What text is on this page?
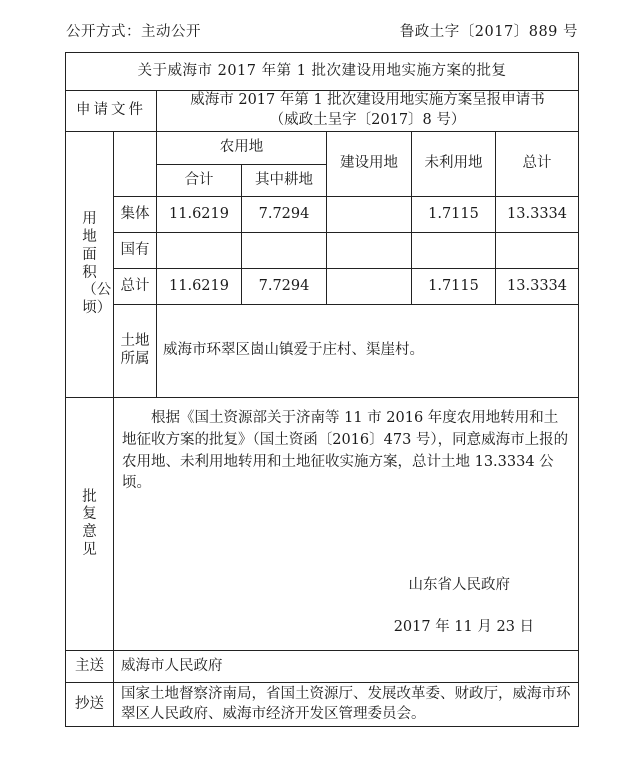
公开方式：主动公开	鲁政土字〔2017〕889 号
关于威海市 2017 年第 1 批次建设用地实施方案的批复						
申请文件		威海市 2017 年第 1 批次建设用地实施方案呈报申请书
（威政土呈字〔2017〕8 号）				

用地面积（公顷）		农用地		建设用地	未利用地	总计
		合计	其中耕地			
	集体	11.6219	7.7294		1.7115	13.3334
	国有					
	总计	11.6219	7.7294		1.7115	13.3334

	土地所属	威海市环翠区崮山镇爱于庄村、渠崖村。				

批复意见	根据《国土资源部关于济南等 11 市 2016 年度农用地转用和土地征收方案的批复》（国土资函〔2016〕473 号），同意威海市上报的农用地、未利用地转用和土地征收实施方案，总计土地 13.3334 公顷。
山东省人民政府
2017 年 11 月 23 日					

主送	威海市人民政府					
抄送	国家土地督察济南局，省国土资源厅、发展改革委、财政厅，威海市环翠区人民政府、威海市经济开发区管理委员会。					
